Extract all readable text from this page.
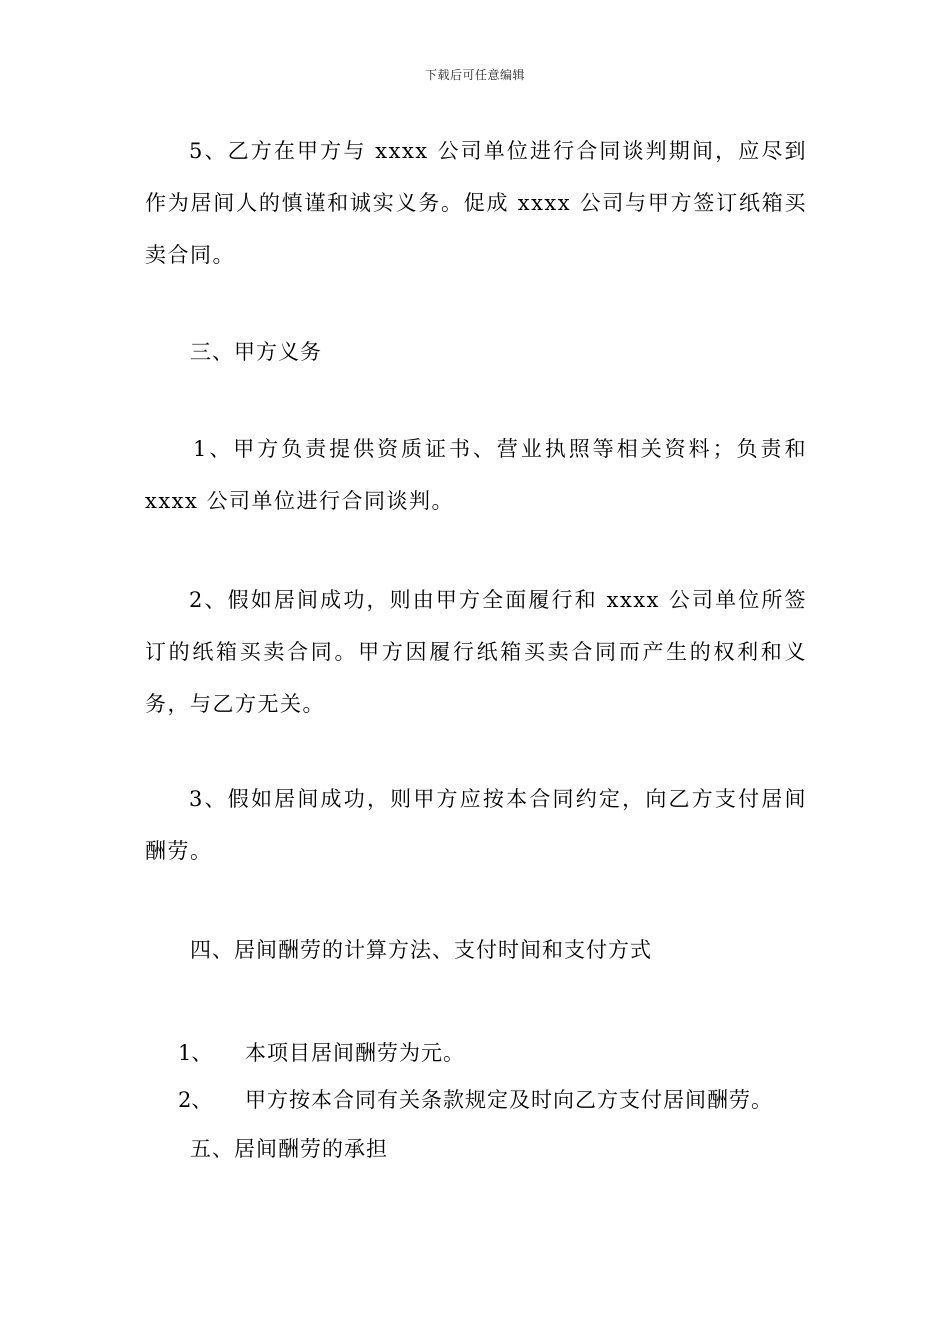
下载后可任意编辑
5、乙方在甲方与 xxxx 公司单位进行合同谈判期间，应尽到作为居间人的慎谨和诚实义务。促成 xxxx 公司与甲方签订纸箱买卖合同。
三、甲方义务
1、甲方负责提供资质证书、营业执照等相关资料；负责和 xxxx 公司单位进行合同谈判。
2、假如居间成功，则由甲方全面履行和 xxxx 公司单位所签订的纸箱买卖合同。甲方因履行纸箱买卖合同而产生的权利和义务，与乙方无关。
3、假如居间成功，则甲方应按本合同约定，向乙方支付居间酬劳。
四、居间酬劳的计算方法、支付时间和支付方式
1、 本项目居间酬劳为元。
2、 甲方按本合同有关条款规定及时向乙方支付居间酬劳。
五、居间酬劳的承担
